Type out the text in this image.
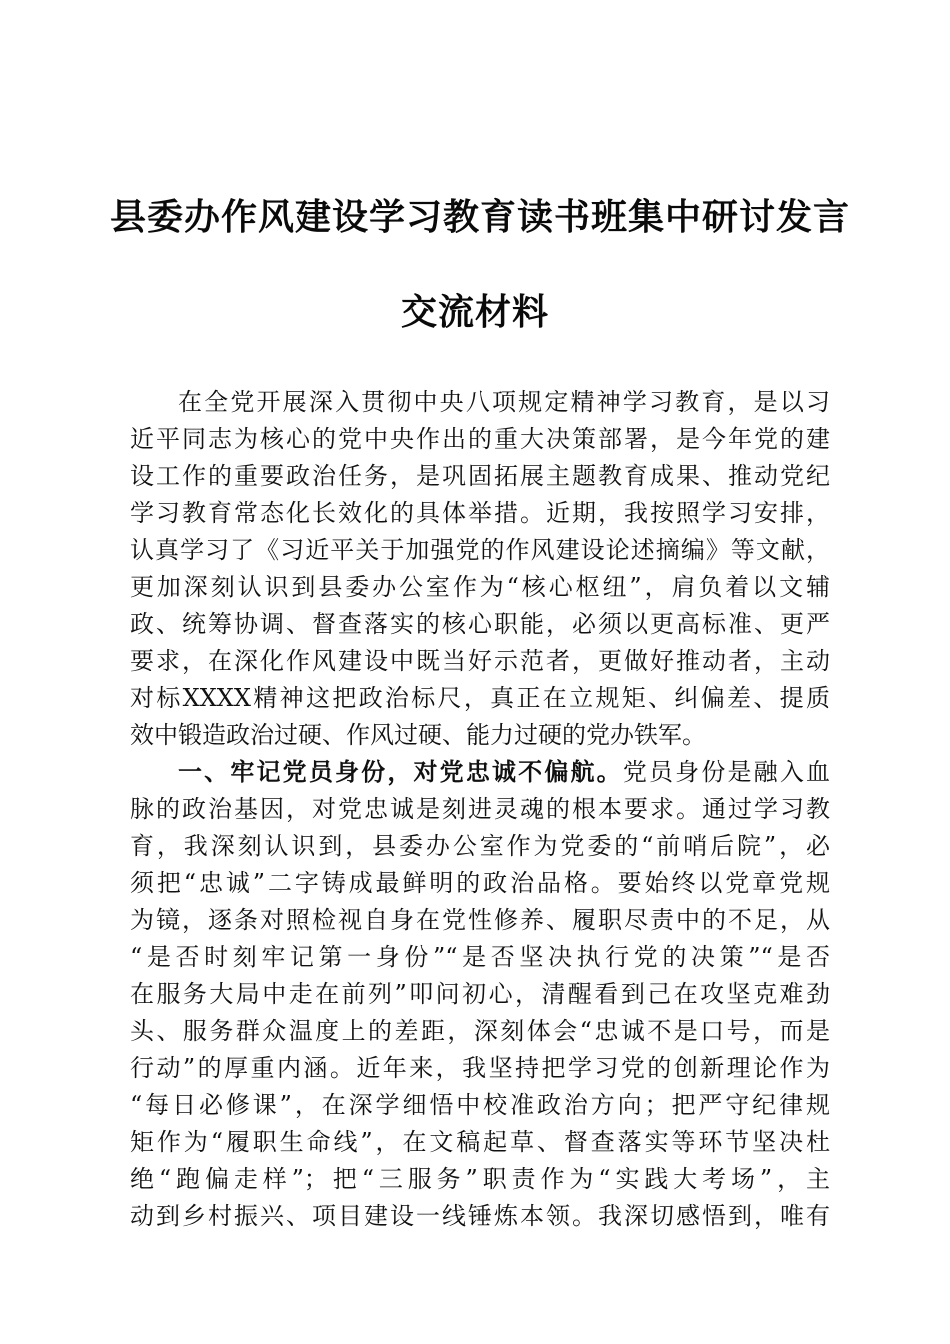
县委办作风建设学习教育读书班集中研讨发言
交流材料
在全党开展深入贯彻中央八项规定精神学习教育，是以习
近平同志为核心的党中央作出的重大决策部署，是今年党的建
设工作的重要政治任务，是巩固拓展主题教育成果、推动党纪
学习教育常态化长效化的具体举措。近期，我按照学习安排，
认真学习了《习近平关于加强党的作风建设论述摘编》等文献，
更加深刻认识到县委办公室作为“核心枢纽”，肩负着以文辅
政、统筹协调、督查落实的核心职能，必须以更高标准、更严
要求，在深化作风建设中既当好示范者，更做好推动者，主动
对标XXXX精神这把政治标尺，真正在立规矩、纠偏差、提质
效中锻造政治过硬、作风过硬、能力过硬的党办铁军。
一、牢记党员身份，对党忠诚不偏航。党员身份是融入血
脉的政治基因，对党忠诚是刻进灵魂的根本要求。通过学习教
育，我深刻认识到，县委办公室作为党委的“前哨后院”，必
须把“忠诚”二字铸成最鲜明的政治品格。要始终以党章党规
为镜，逐条对照检视自身在党性修养、履职尽责中的不足，从
“是否时刻牢记第一身份”“是否坚决执行党的决策”“是否
在服务大局中走在前列”叩问初心，清醒看到己在攻坚克难劲
头、服务群众温度上的差距，深刻体会“忠诚不是口号，而是
行动”的厚重内涵。近年来，我坚持把学习党的创新理论作为
“每日必修课”，在深学细悟中校准政治方向；把严守纪律规
矩作为“履职生命线”，在文稿起草、督查落实等环节坚决杜
绝“跑偏走样”；把“三服务”职责作为“实践大考场”，主
动到乡村振兴、项目建设一线锤炼本领。我深切感悟到，唯有
